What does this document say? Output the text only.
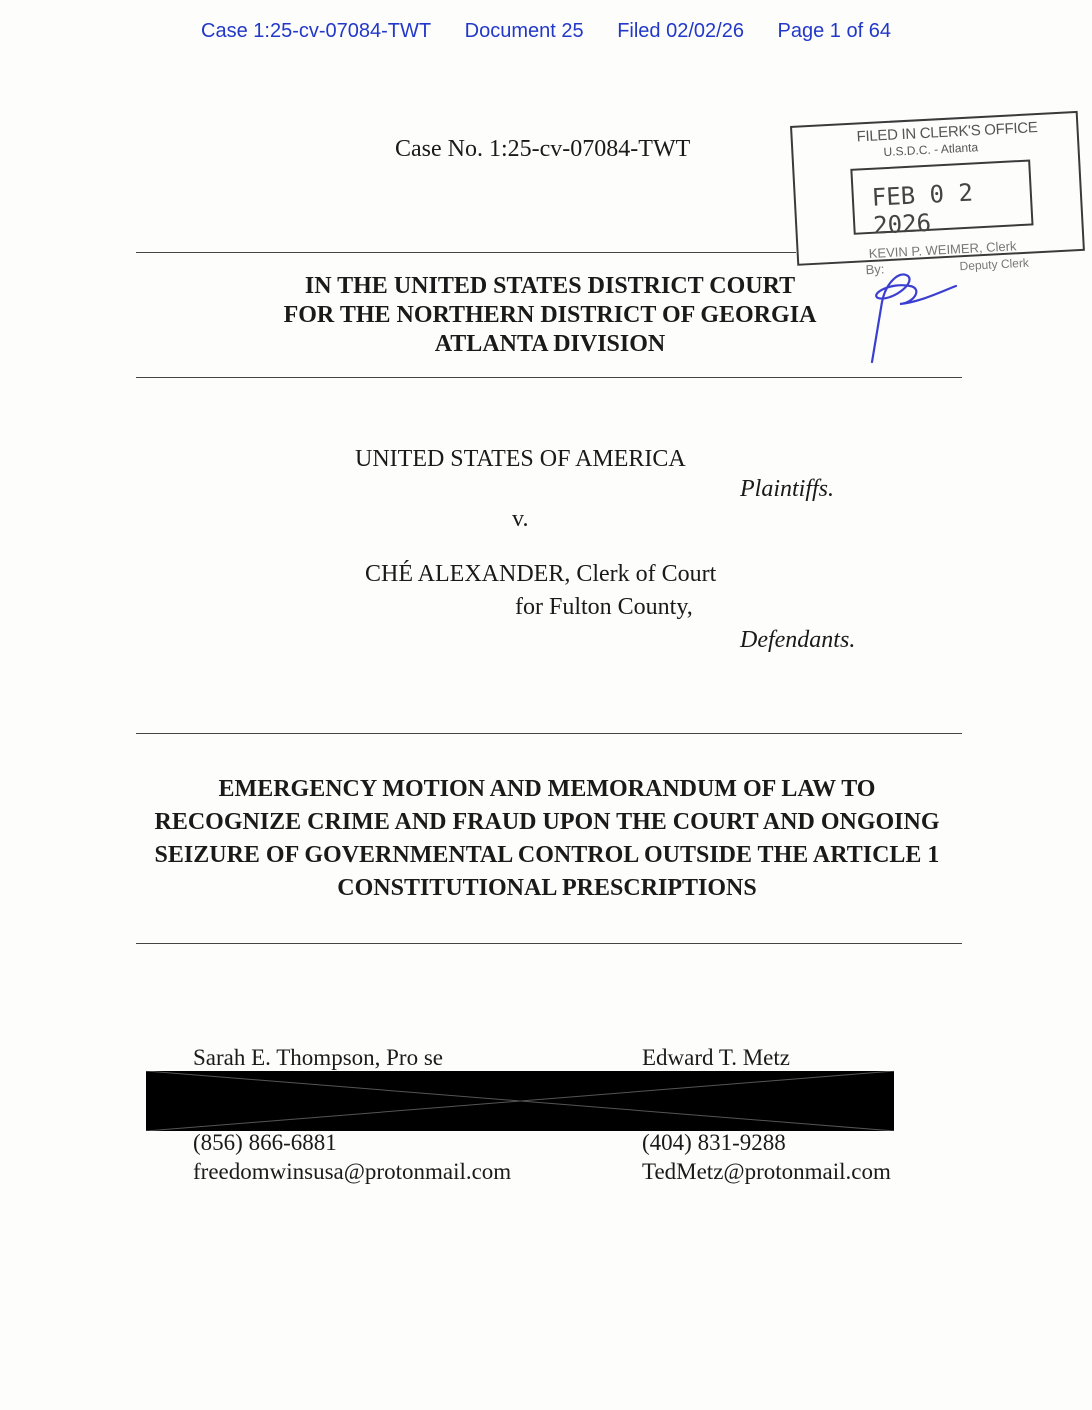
Case 1:25-cv-07084-TWT Document 25 Filed 02/02/26 Page 1 of 64
Case No. 1:25-cv-07084-TWT
FILED IN CLERK'S OFFICE
U.S.D.C. - Atlanta
FEB 0 2 2026
KEVIN P. WEIMER, Clerk
By:	Deputy Clerk
IN THE UNITED STATES DISTRICT COURT
FOR THE NORTHERN DISTRICT OF GEORGIA
ATLANTA DIVISION
UNITED STATES OF AMERICA
Plaintiffs.
v.
CHÉ ALEXANDER, Clerk of Court
for Fulton County,
Defendants.
EMERGENCY MOTION AND MEMORANDUM OF LAW TO
RECOGNIZE CRIME AND FRAUD UPON THE COURT AND ONGOING
SEIZURE OF GOVERNMENTAL CONTROL OUTSIDE THE ARTICLE 1
CONSTITUTIONAL PRESCRIPTIONS
Sarah E. Thompson, Pro se	Edward T. Metz
(856) 866-6881
freedomwinsusa@protonmail.com
(404) 831-9288
TedMetz@protonmail.com
